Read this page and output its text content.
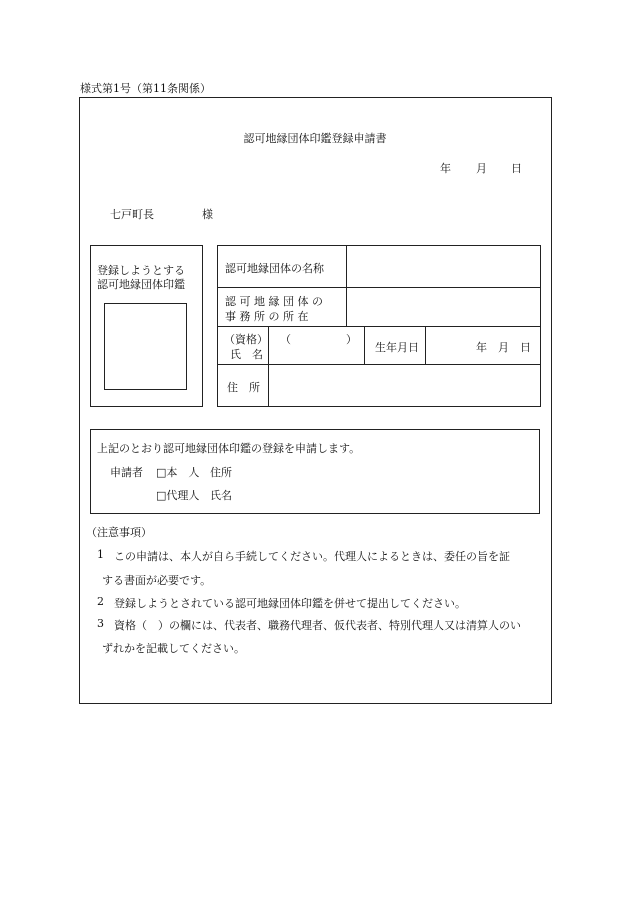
様式第1号（第11条関係）
認可地縁団体印鑑登録申請書
年 月 日
七戸町長	様
登録しようとする
認可地縁団体印鑑
認可地縁団体の名称
認 可 地 縁 団 体 の
事 務 所 の 所 在
（資格）
氏　名
（　　　　　）
生年月日	年　月　日
住　所
上記のとおり認可地縁団体印鑑の登録を申請します。
申請者 □本　人 住所
□代理人 氏名
（注意事項）
1 この申請は、本人が自ら手続してください。代理人によるときは、委任の旨を証
する書面が必要です。
2 登録しようとされている認可地縁団体印鑑を併せて提出してください。
3 資格（　）の欄には、代表者、職務代理者、仮代表者、特別代理人又は清算人のい
ずれかを記載してください。
